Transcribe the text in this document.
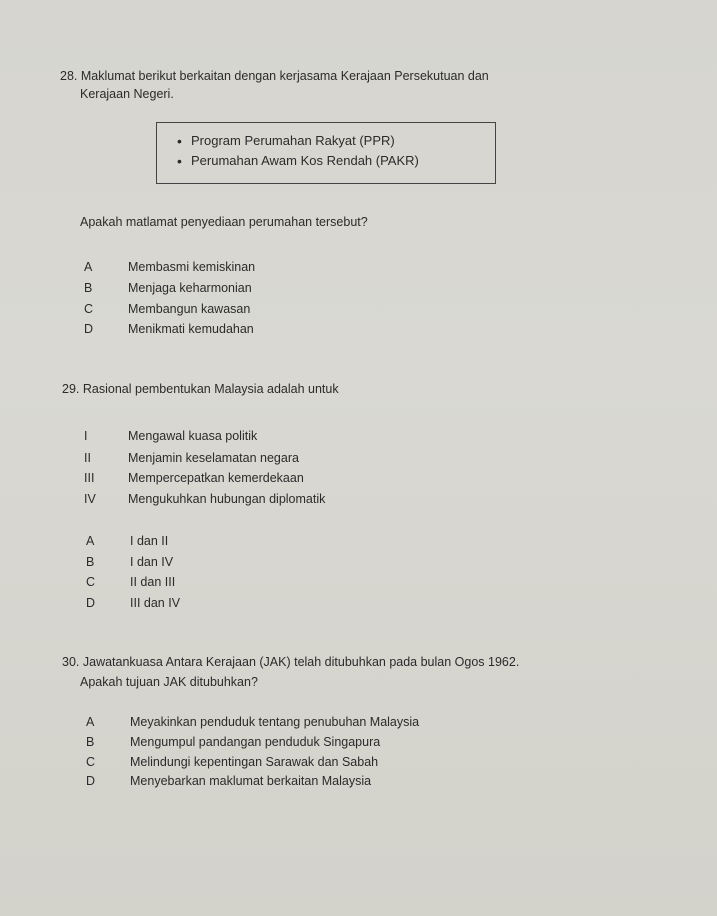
28. Maklumat berikut berkaitan dengan kerjasama Kerajaan Persekutuan dan
Kerajaan Negeri.
• Program Perumahan Rakyat (PPR)
• Perumahan Awam Kos Rendah (PAKR)
Apakah matlamat penyediaan perumahan tersebut?
A	Membasmi kemiskinan
B	Menjaga keharmonian
C	Membangun kawasan
D	Menikmati kemudahan
29. Rasional pembentukan Malaysia adalah untuk
I	Mengawal kuasa politik
II	Menjamin keselamatan negara
III	Mempercepatkan kemerdekaan
IV	Mengukuhkan hubungan diplomatik
A	I dan II
B	I dan IV
C	II dan III
D	III dan IV
30. Jawatankuasa Antara Kerajaan (JAK) telah ditubuhkan pada bulan Ogos 1962.
Apakah tujuan JAK ditubuhkan?
A	Meyakinkan penduduk tentang penubuhan Malaysia
B	Mengumpul pandangan penduduk Singapura
C	Melindungi kepentingan Sarawak dan Sabah
D	Menyebarkan maklumat berkaitan Malaysia
